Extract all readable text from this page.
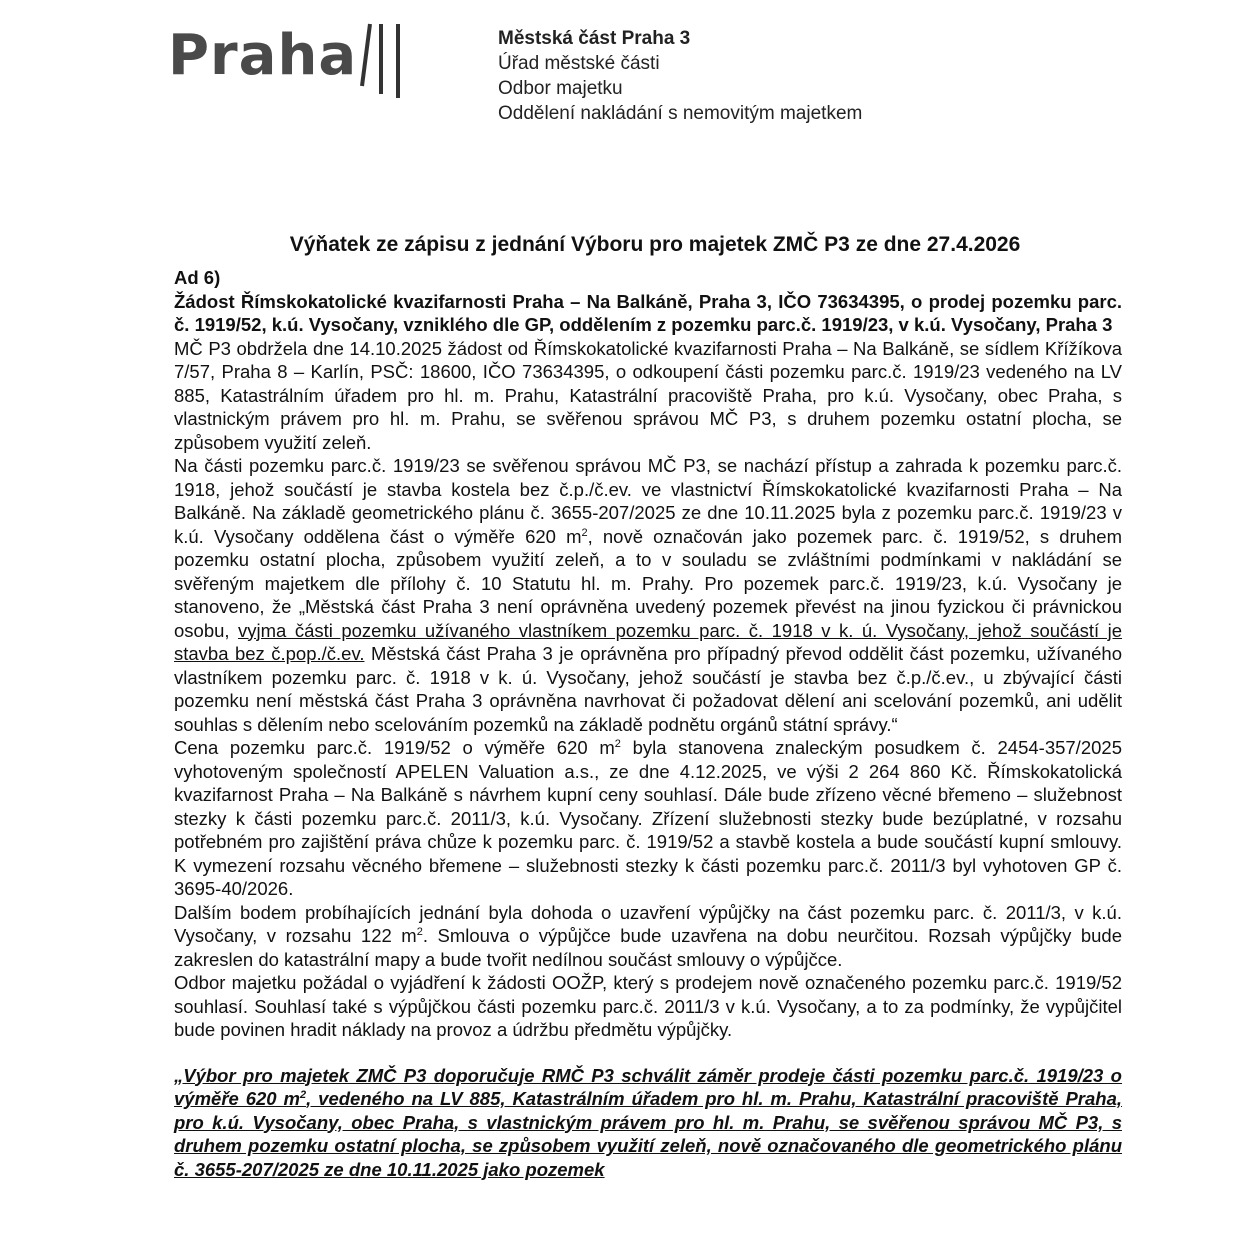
Praha	Městská část Praha 3
Úřad městské části
Odbor majetku
Oddělení nakládání s nemovitým majetkem
Výňatek ze zápisu z jednání Výboru pro majetek ZMČ P3 ze dne 27.4.2026

Ad 6)

Žádost Římskokatolické kvazifarnosti Praha – Na Balkáně, Praha 3, IČO 73634395, o prodej pozemku parc. č. 1919/52, k.ú. Vysočany, vzniklého dle GP, oddělením z pozemku parc.č. 1919/23, v k.ú. Vysočany, Praha 3

MČ P3 obdržela dne 14.10.2025 žádost od Římskokatolické kvazifarnosti Praha – Na Balkáně, se sídlem Křížíkova 7/57, Praha 8 – Karlín, PSČ: 18600, IČO 73634395, o odkoupení části pozemku parc.č. 1919/23 vedeného na LV 885, Katastrálním úřadem pro hl. m. Prahu, Katastrální pracoviště Praha, pro k.ú. Vysočany, obec Praha, s vlastnickým právem pro hl. m. Prahu, se svěřenou správou MČ P3, s druhem pozemku ostatní plocha, se způsobem využití zeleň.

Na části pozemku parc.č. 1919/23 se svěřenou správou MČ P3, se nachází přístup a zahrada k pozemku parc.č. 1918, jehož součástí je stavba kostela bez č.p./č.ev. ve vlastnictví Římskokatolické kvazifarnosti Praha – Na Balkáně. Na základě geometrického plánu č. 3655-207/2025 ze dne 10.11.2025 byla z pozemku parc.č. 1919/23 v k.ú. Vysočany oddělena část o výměře 620 $m^2$, nově označován jako pozemek parc. č. 1919/52, s druhem pozemku ostatní plocha, způsobem využití zeleň, a to v souladu se zvláštními podmínkami v nakládání se svěřeným majetkem dle přílohy č. 10 Statutu hl. m. Prahy. Pro pozemek parc.č. 1919/23, k.ú. Vysočany je stanoveno, že „Městská část Praha 3 není oprávněna uvedený pozemek převést na jinou fyzickou či právnickou osobu, vyjma části pozemku užívaného vlastníkem pozemku parc. č. 1918 v k. ú. Vysočany, jehož součástí je stavba bez č.pop./č.ev. Městská část Praha 3 je oprávněna pro případný převod oddělit část pozemku, užívaného vlastníkem pozemku parc. č. 1918 v k. ú. Vysočany, jehož součástí je stavba bez č.p./č.ev., u zbývající části pozemku není městská část Praha 3 oprávněna navrhovat či požadovat dělení ani scelování pozemků, ani udělit souhlas s dělením nebo scelováním pozemků na základě podnětu orgánů státní správy.“

Cena pozemku parc.č. 1919/52 o výměře 620 $m^2$ byla stanovena znaleckým posudkem č. 2454-357/2025 vyhotoveným společností APELEN Valuation a.s., ze dne 4.12.2025, ve výši 2 264 860 Kč. Římskokatolická kvazifarnost Praha – Na Balkáně s návrhem kupní ceny souhlasí. Dále bude zřízeno věcné břemeno – služebnost stezky k části pozemku parc.č. 2011/3, k.ú. Vysočany. Zřízení služebnosti stezky bude bezúplatné, v rozsahu potřebném pro zajištění práva chůze k pozemku parc. č. 1919/52 a stavbě kostela a bude součástí kupní smlouvy. K vymezení rozsahu věcného břemene – služebnosti stezky k části pozemku parc.č. 2011/3 byl vyhotoven GP č. 3695-40/2026.

Dalším bodem probíhajících jednání byla dohoda o uzavření výpůjčky na část pozemku parc. č. 2011/3, v k.ú. Vysočany, v rozsahu 122 $m^2$. Smlouva o výpůjčce bude uzavřena na dobu neurčitou. Rozsah výpůjčky bude zakreslen do katastrální mapy a bude tvořit nedílnou součást smlouvy o výpůjčce.

Odbor majetku požádal o vyjádření k žádosti OOŽP, který s prodejem nově označeného pozemku parc.č. 1919/52 souhlasí. Souhlasí také s výpůjčkou části pozemku parc.č. 2011/3 v k.ú. Vysočany, a to za podmínky, že vypůjčitel bude povinen hradit náklady na provoz a údržbu předmětu výpůjčky.

„Výbor pro majetek ZMČ P3 doporučuje RMČ P3 schválit záměr prodeje části pozemku parc.č. 1919/23 o výměře 620 $m^2$, vedeného na LV 885, Katastrálním úřadem pro hl. m. Prahu, Katastrální pracoviště Praha, pro k.ú. Vysočany, obec Praha, s vlastnickým právem pro hl. m. Prahu, se svěřenou správou MČ P3, s druhem pozemku ostatní plocha, se způsobem využití zeleň, nově označovaného dle geometrického plánu č. 3655-207/2025 ze dne 10.11.2025 jako pozemek
